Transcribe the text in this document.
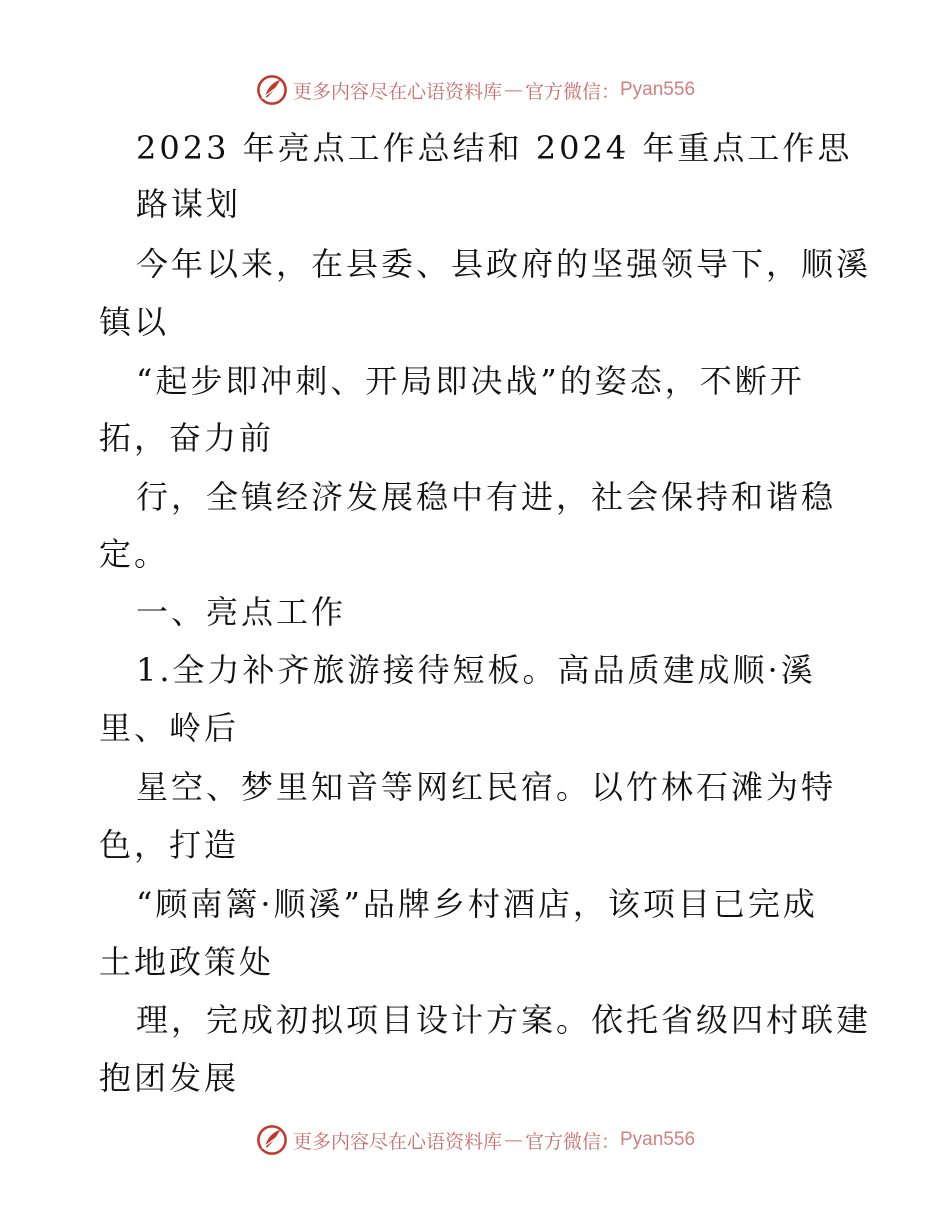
更多内容尽在心语资料库 — 官方微信： Pyan556
2023 年亮点工作总结和 2024 年重点工作思
路谋划
今年以来，在县委、县政府的坚强领导下，顺溪
镇以
“起步即冲刺、开局即决战”的姿态，不断开
拓，奋力前
行，全镇经济发展稳中有进，社会保持和谐稳
定。
一、亮点工作
1.全力补齐旅游接待短板。高品质建成顺·溪
里、岭后
星空、梦里知音等网红民宿。以竹林石滩为特
色，打造
“顾南篱·顺溪”品牌乡村酒店，该项目已完成
土地政策处
理，完成初拟项目设计方案。依托省级四村联建
抱团发展
更多内容尽在心语资料库 — 官方微信： Pyan556
